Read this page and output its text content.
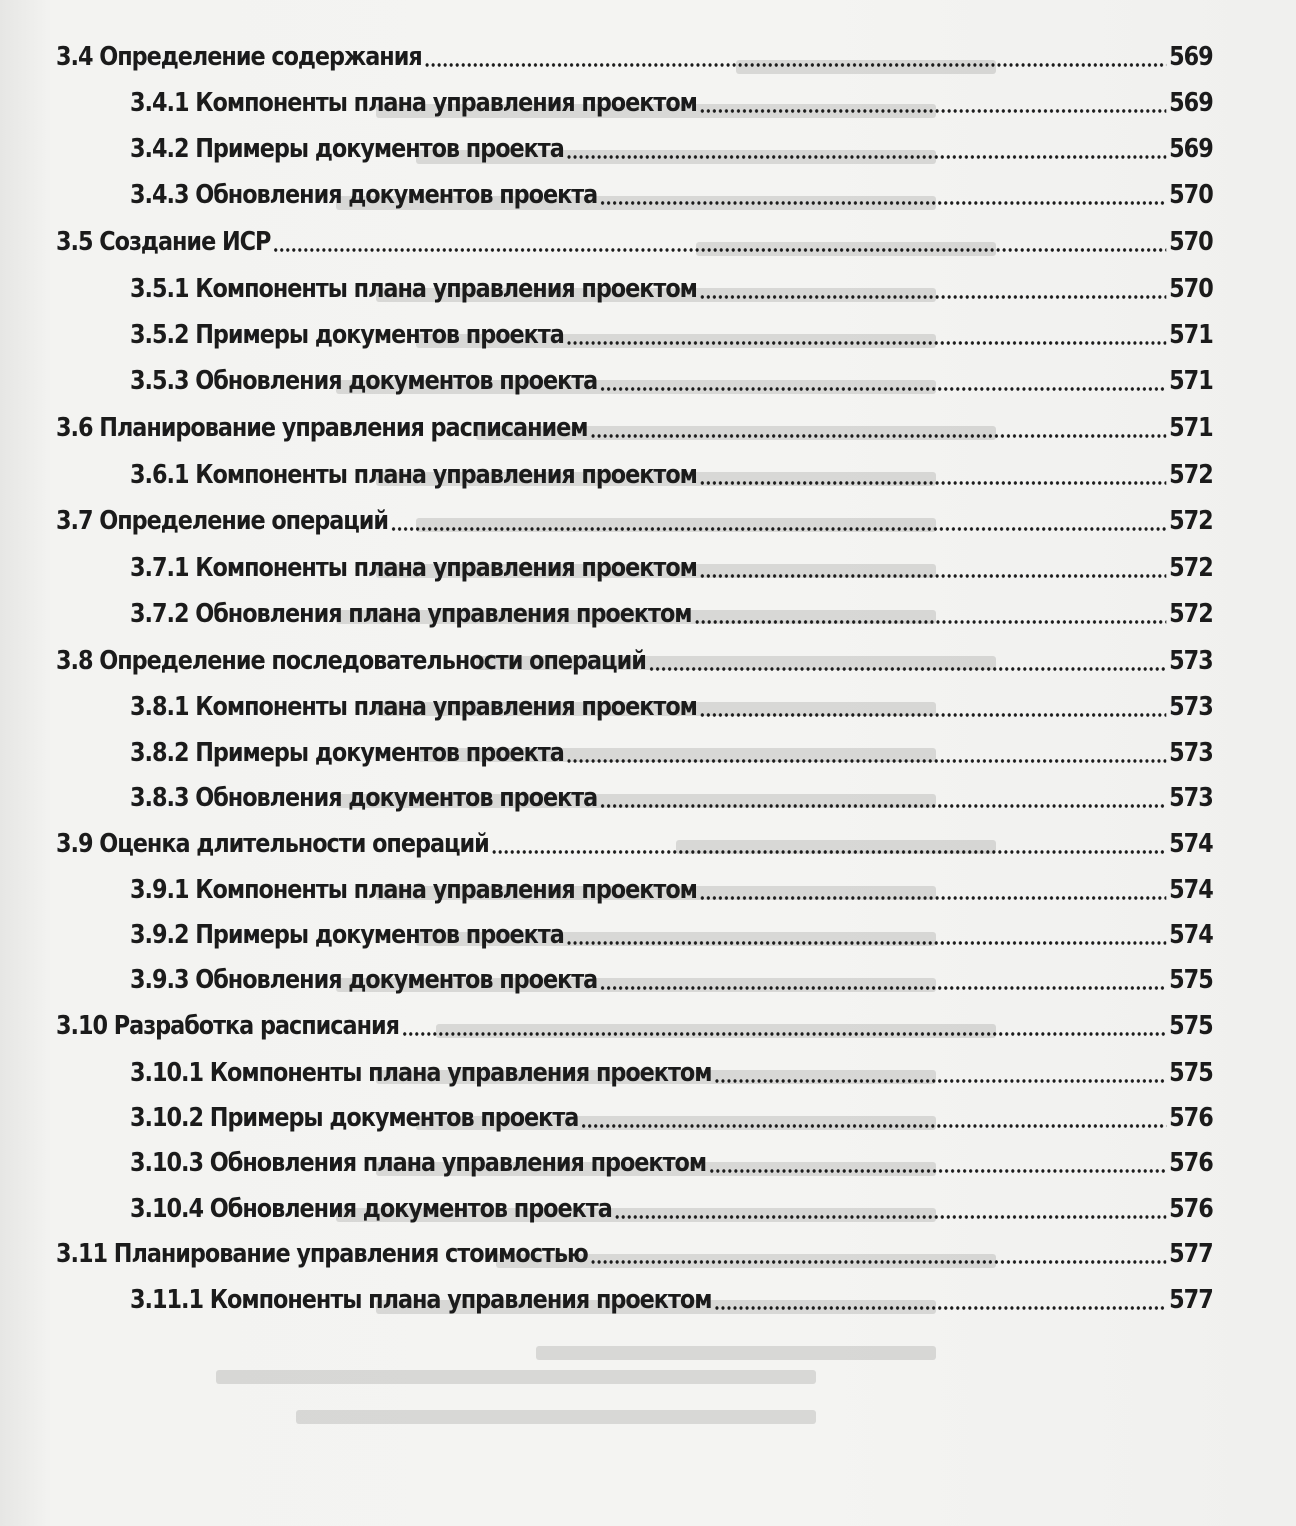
3.4 Определение содержания	569
3.4.1 Компоненты плана управления проектом	569
3.4.2 Примеры документов проекта	569
3.4.3 Обновления документов проекта	570
3.5 Создание ИСР	570
3.5.1 Компоненты плана управления проектом	570
3.5.2 Примеры документов проекта	571
3.5.3 Обновления документов проекта	571
3.6 Планирование управления расписанием	571
3.6.1 Компоненты плана управления проектом	572
3.7 Определение операций	572
3.7.1 Компоненты плана управления проектом	572
3.7.2 Обновления плана управления проектом	572
3.8 Определение последовательности операций	573
3.8.1 Компоненты плана управления проектом	573
3.8.2 Примеры документов проекта	573
3.8.3 Обновления документов проекта	573
3.9 Оценка длительности операций	574
3.9.1 Компоненты плана управления проектом	574
3.9.2 Примеры документов проекта	574
3.9.3 Обновления документов проекта	575
3.10 Разработка расписания	575
3.10.1 Компоненты плана управления проектом	575
3.10.2 Примеры документов проекта	576
3.10.3 Обновления плана управления проектом	576
3.10.4 Обновления документов проекта	576
3.11 Планирование управления стоимостью	577
3.11.1 Компоненты плана управления проектом	577
